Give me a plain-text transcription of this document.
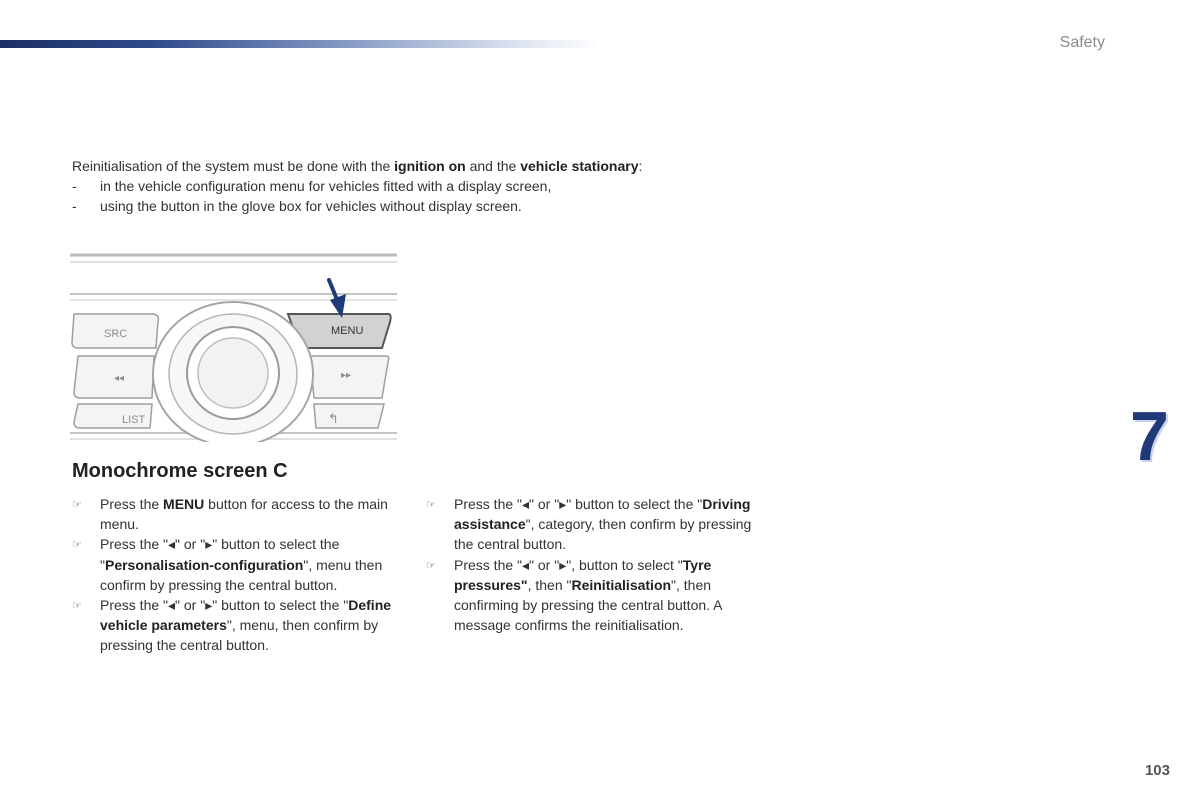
Safety
Reinitialisation of the system must be done with the ignition on and the vehicle stationary:
- in the vehicle configuration menu for vehicles fitted with a display screen,
- using the button in the glove box for vehicles without display screen.
SRC
◂◂
LIST
MENU
▸▸
↰	7
Monochrome screen C
☞ Press the MENU button for access to the main menu.
☞ Press the "◂" or "▸" button to select the "Personalisation-configuration", menu then confirm by pressing the central button.
☞ Press the "◂" or "▸" button to select the "Define vehicle parameters", menu, then confirm by pressing the central button.
☞ Press the "◂" or "▸" button to select the "Driving assistance", category, then confirm by pressing the central button.
☞ Press the "◂" or "▸", button to select "Tyre pressures", then "Reinitialisation", then confirming by pressing the central button. A message confirms the reinitialisation.
103
